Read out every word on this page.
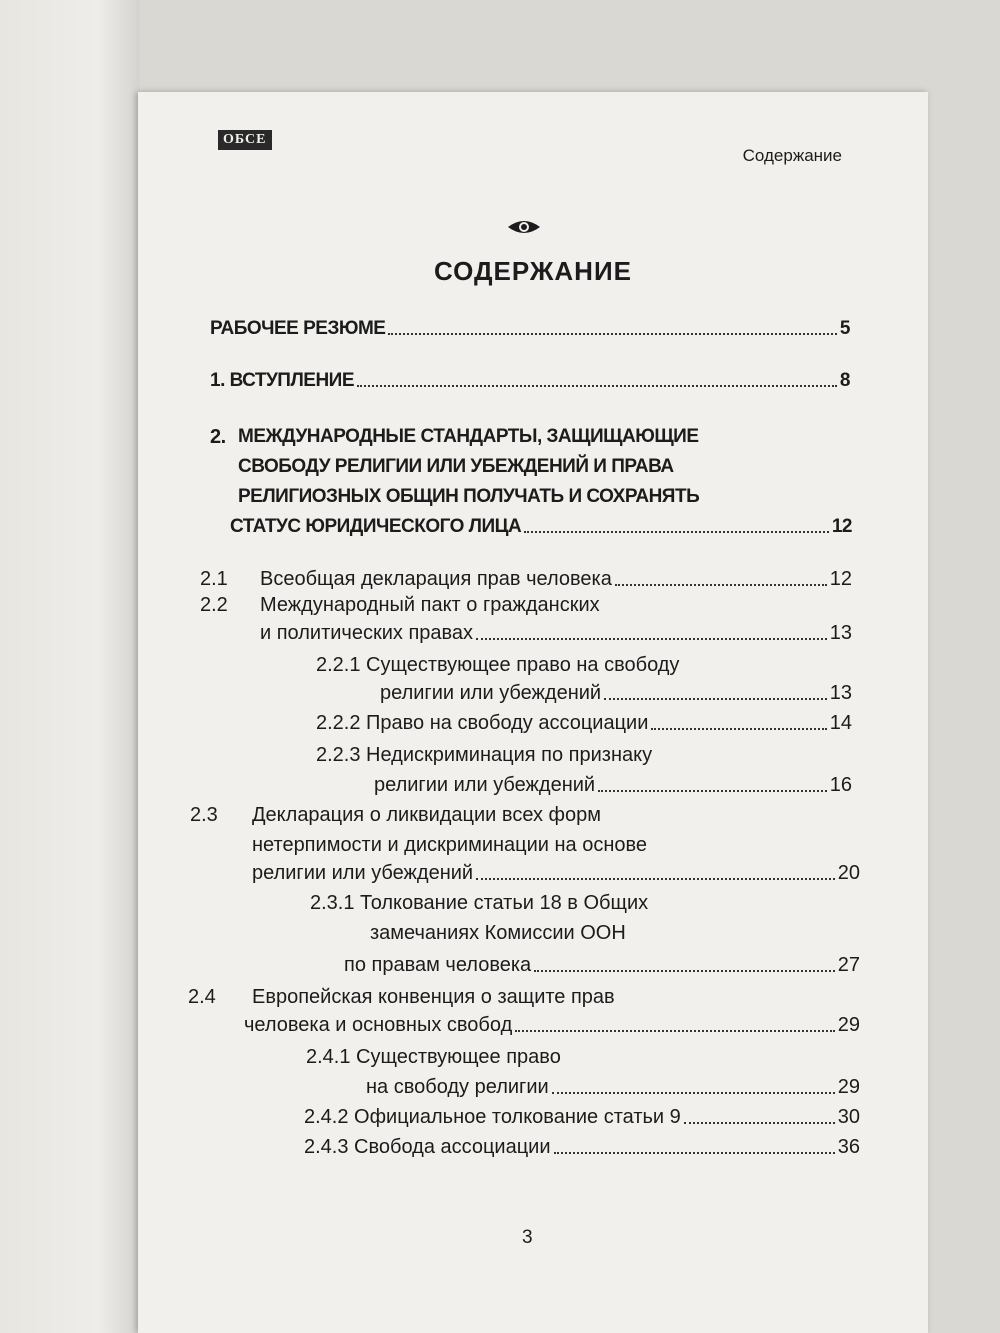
ОБСЕ
Содержание
СОДЕРЖАНИЕ
РАБОЧЕЕ РЕЗЮМЕ	5
1. ВСТУПЛЕНИЕ	8
2. МЕЖДУНАРОДНЫЕ СТАНДАРТЫ, ЗАЩИЩАЮЩИЕ
СВОБОДУ РЕЛИГИИ ИЛИ УБЕЖДЕНИЙ И ПРАВА
РЕЛИГИОЗНЫХ ОБЩИН ПОЛУЧАТЬ И СОХРАНЯТЬ
СТАТУС ЮРИДИЧЕСКОГО ЛИЦА	12
2.1 Всеобщая декларация прав человека	12
2.2 Международный пакт о гражданских
и политических правах	13
2.2.1 Существующее право на свободу
религии или убеждений	13
2.2.2 Право на свободу ассоциации	14
2.2.3 Недискриминация по признаку
религии или убеждений	16
2.3 Декларация о ликвидации всех форм
нетерпимости и дискриминации на основе
религии или убеждений	20
2.3.1 Толкование статьи 18 в Общих
замечаниях Комиссии ООН
по правам человека	27
2.4 Европейская конвенция о защите прав
человека и основных свобод	29
2.4.1 Существующее право
на свободу религии	29
2.4.2 Официальное толкование статьи 9	30
2.4.3 Свобода ассоциации	36
3
